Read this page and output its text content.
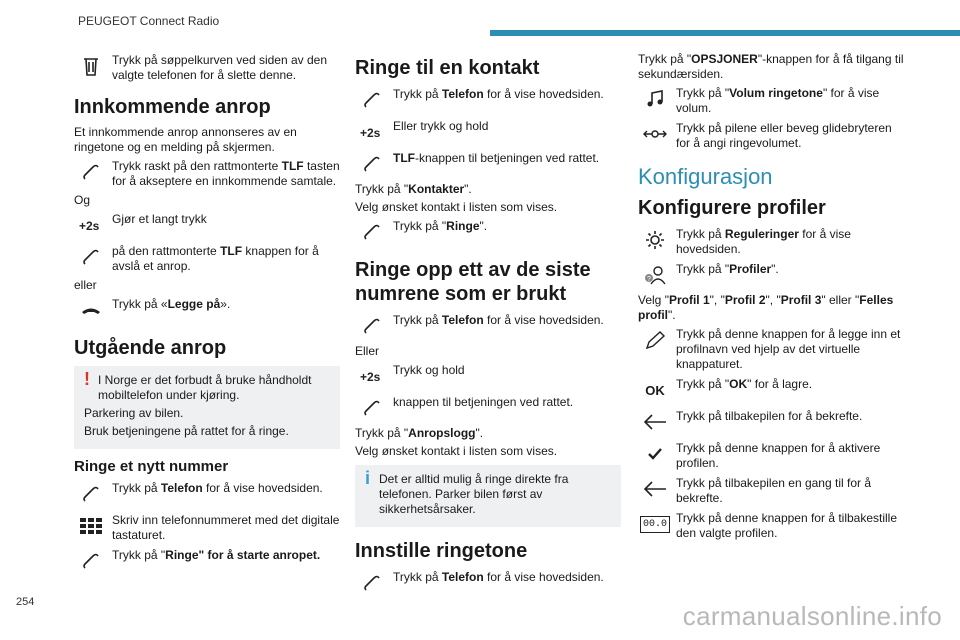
PEUGEOT Connect Radio
Trykk på søppelkurven ved siden av den valgte telefonen for å slette denne.
Innkommende anrop

Et innkommende anrop annonseres av en ringetone og en melding på skjermen.

Trykk raskt på den rattmonterte TLF tasten for å akseptere en innkommende samtale.

Og

+2s Gjør et langt trykk
på den rattmonterte TLF knappen for å avslå et anrop.

eller

Trykk på «Legge på».
Utgående anrop
! I Norge er det forbudt å bruke håndholdt mobiltelefon under kjøring.

Parkering av bilen.

Bruk betjeningene på rattet for å ringe.

Ringe et nytt nummer
Trykk på Telefon for å vise hovedsiden.
Skriv inn telefonnummeret med det digitale tastaturet.
Trykk på "Ringe" for å starte anropet.
Ringe til en kontakt
Trykk på Telefon for å vise hovedsiden.
+2s Eller trykk og hold
TLF-knappen til betjeningen ved rattet.

Trykk på "Kontakter".

Velg ønsket kontakt i listen som vises.

Trykk på "Ringe".
Ringe opp ett av de siste numrene som er brukt
Trykk på Telefon for å vise hovedsiden.

Eller

+2s Trykk og hold
knappen til betjeningen ved rattet.

Trykk på "Anropslogg".

Velg ønsket kontakt i listen som vises.

i Det er alltid mulig å ringe direkte fra telefonen. Parker bilen først av sikkerhetsårsaker.

Innstille ringetone
Trykk på Telefon for å vise hovedsiden.

Trykk på "OPSJONER"-knappen for å få tilgang til sekundærsiden.

Trykk på "Volum ringetone" for å vise volum.
Trykk på pilene eller beveg glidebryteren for å angi ringevolumet.
Konfigurasjon
Konfigurere profiler
Trykk på Reguleringer for å vise hovedsiden.
?
Trykk på "Profiler".

Velg "Profil 1", "Profil 2", "Profil 3" eller "Felles profil".

Trykk på denne knappen for å legge inn et profilnavn ved hjelp av det virtuelle knappaturet.
OK Trykk på "OK" for å lagre.
Trykk på tilbakepilen for å bekrefte.
Trykk på denne knappen for å aktivere profilen.
Trykk på tilbakepilen en gang til for å bekrefte.
00.0 Trykk på denne knappen for å tilbakestille den valgte profilen.
254	carmanualsonline.info
